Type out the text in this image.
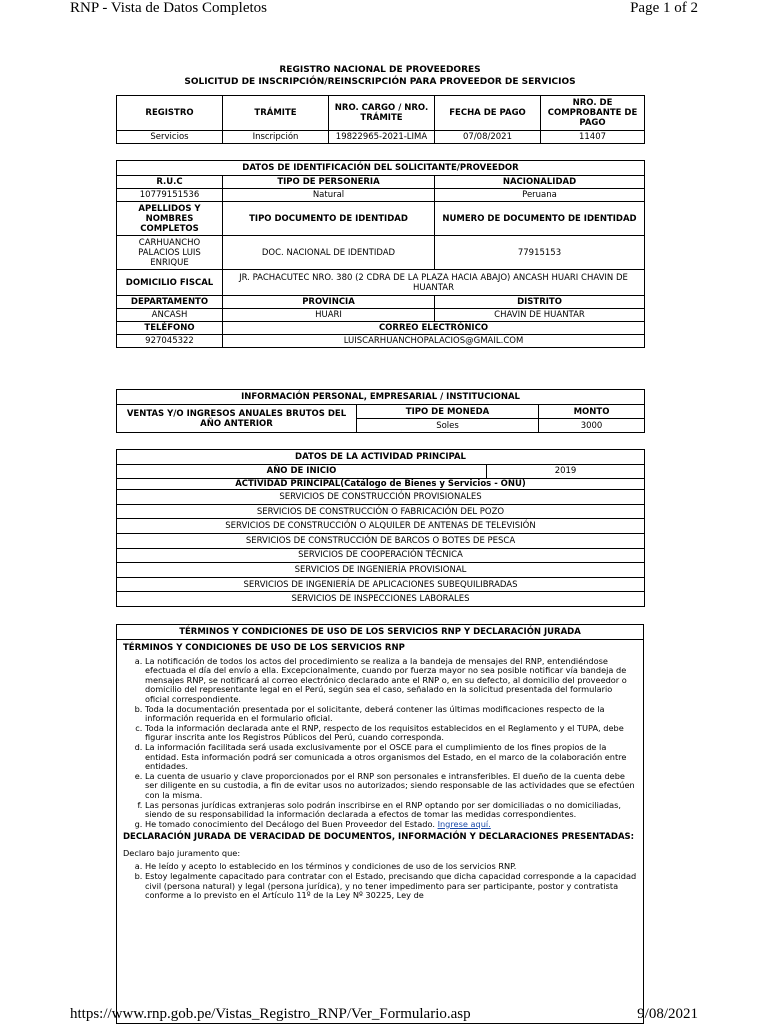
RNP - Vista de Datos Completos	Page 1 of 2
REGISTRO NACIONAL DE PROVEEDORES
SOLICITUD DE INSCRIPCIÓN/REINSCRIPCIÓN PARA PROVEEDOR DE SERVICIOS
REGISTRO	TRÁMITE	NRO. CARGO / NRO. TRÁMITE	FECHA DE PAGO	NRO. DE COMPROBANTE DE PAGO
Servicios	Inscripción	19822965-2021-LIMA	07/08/2021	11407
DATOS DE IDENTIFICACIÓN DEL SOLICITANTE/PROVEEDOR		
R.U.C	TIPO DE PERSONERIA	NACIONALIDAD
10779151536	Natural	Peruana
APELLIDOS Y NOMBRES COMPLETOS	TIPO DOCUMENTO DE IDENTIDAD	NUMERO DE DOCUMENTO DE IDENTIDAD
CARHUANCHO PALACIOS LUIS ENRIQUE	DOC. NACIONAL DE IDENTIDAD	77915153
DOMICILIO FISCAL	JR. PACHACUTEC NRO. 380 (2 CDRA DE LA PLAZA HACIA ABAJO) ANCASH HUARI CHAVIN DE HUANTAR	
DEPARTAMENTO	PROVINCIA	DISTRITO
ANCASH	HUARI	CHAVIN DE HUANTAR
TELÉFONO	CORREO ELECTRÓNICO	
927045322	LUISCARHUANCHOPALACIOS@GMAIL.COM	
INFORMACIÓN PERSONAL, EMPRESARIAL / INSTITUCIONAL		
VENTAS Y/O INGRESOS ANUALES BRUTOS DEL AÑO ANTERIOR	TIPO DE MONEDA	MONTO
	Soles	3000
DATOS DE LA ACTIVIDAD PRINCIPAL
AÑO DE INICIO	2019
ACTIVIDAD PRINCIPAL(Catálogo de Bienes y Servicios - ONU)
SERVICIOS DE CONSTRUCCIÓN PROVISIONALES
SERVICIOS DE CONSTRUCCIÓN O FABRICACIÓN DEL POZO
SERVICIOS DE CONSTRUCCIÓN O ALQUILER DE ANTENAS DE TELEVISIÓN
SERVICIOS DE CONSTRUCCIÓN DE BARCOS O BOTES DE PESCA
SERVICIOS DE COOPERACIÓN TÉCNICA
SERVICIOS DE INGENIERÍA PROVISIONAL
SERVICIOS DE INGENIERÍA DE APLICACIONES SUBEQUILIBRADAS
SERVICIOS DE INSPECCIONES LABORALES
TÉRMINOS Y CONDICIONES DE USO DE LOS SERVICIOS RNP Y DECLARACIÓN JURADA
TÉRMINOS Y CONDICIONES DE USO DE LOS SERVICIOS RNP
a. La notificación de todos los actos del procedimiento se realiza a la bandeja de mensajes del RNP, entendiéndose efectuada el día del envío a ella. Excepcionalmente, cuando por fuerza mayor no sea posible notificar vía bandeja de mensajes RNP, se notificará al correo electrónico declarado ante el RNP o, en su defecto, al domicilio del proveedor o domicilio del representante legal en el Perú, según sea el caso, señalado en la solicitud presentada del formulario oficial correspondiente.
b. Toda la documentación presentada por el solicitante, deberá contener las últimas modificaciones respecto de la información requerida en el formulario oficial.
c. Toda la información declarada ante el RNP, respecto de los requisitos establecidos en el Reglamento y el TUPA, debe figurar inscrita ante los Registros Públicos del Perú, cuando corresponda.
d. La información facilitada será usada exclusivamente por el OSCE para el cumplimiento de los fines propios de la entidad. Esta información podrá ser comunicada a otros organismos del Estado, en el marco de la colaboración entre entidades.
e. La cuenta de usuario y clave proporcionados por el RNP son personales e intransferibles. El dueño de la cuenta debe ser diligente en su custodia, a fin de evitar usos no autorizados; siendo responsable de las actividades que se efectúen con la misma.
f. Las personas jurídicas extranjeras solo podrán inscribirse en el RNP optando por ser domiciliadas o no domiciliadas, siendo de su responsabilidad la información declarada a efectos de tomar las medidas correspondientes.
g. He tomado conocimiento del Decálogo del Buen Proveedor del Estado. Ingrese aquí.
DECLARACIÓN JURADA DE VERACIDAD DE DOCUMENTOS, INFORMACIÓN Y DECLARACIONES PRESENTADAS:
Declaro bajo juramento que:
a. He leído y acepto lo establecido en los términos y condiciones de uso de los servicios RNP.
b. Estoy legalmente capacitado para contratar con el Estado, precisando que dicha capacidad corresponde a la capacidad civil (persona natural) y legal (persona jurídica), y no tener impedimento para ser participante, postor y contratista conforme a lo previsto en el Artículo 11º de la Ley Nº 30225, Ley de
https://www.rnp.gob.pe/Vistas_Registro_RNP/Ver_Formulario.asp	9/08/2021
